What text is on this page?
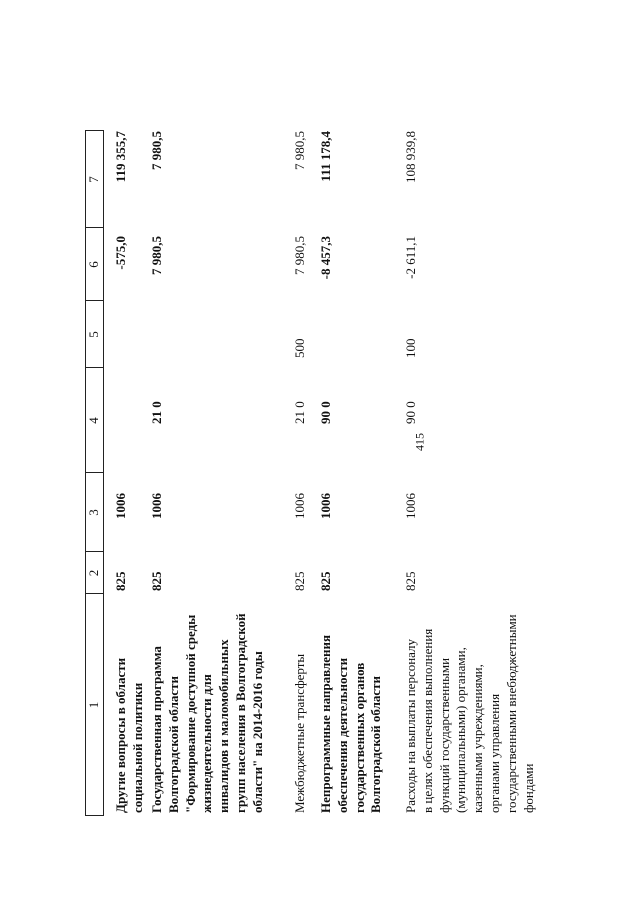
415
1
2
3
4
5
6
7
Другие вопросы в области социальной политики
825
1006
-575,0
119 355,7
Государственная программа Волгоградской области "Формирование доступной среды жизнедеятельности для инвалидов и маломобильных групп населения в Волгоградской области" на 2014-2016 годы
825
1006
21 0
7 980,5
7 980,5
Межбюджетные трансферты
825
1006
21 0
500
7 980,5
7 980,5
Непрограммные направления обеспечения деятельности государственных органов Волгоградской области
825
1006
90 0
-8 457,3
111 178,4
Расходы на выплаты персоналу в целях обеспечения выполнения функций государственными (муниципальными) органами, казенными учреждениями, органами управления государственными внебюджетными фондами
825
1006
90 0
100
-2 611,1
108 939,8
